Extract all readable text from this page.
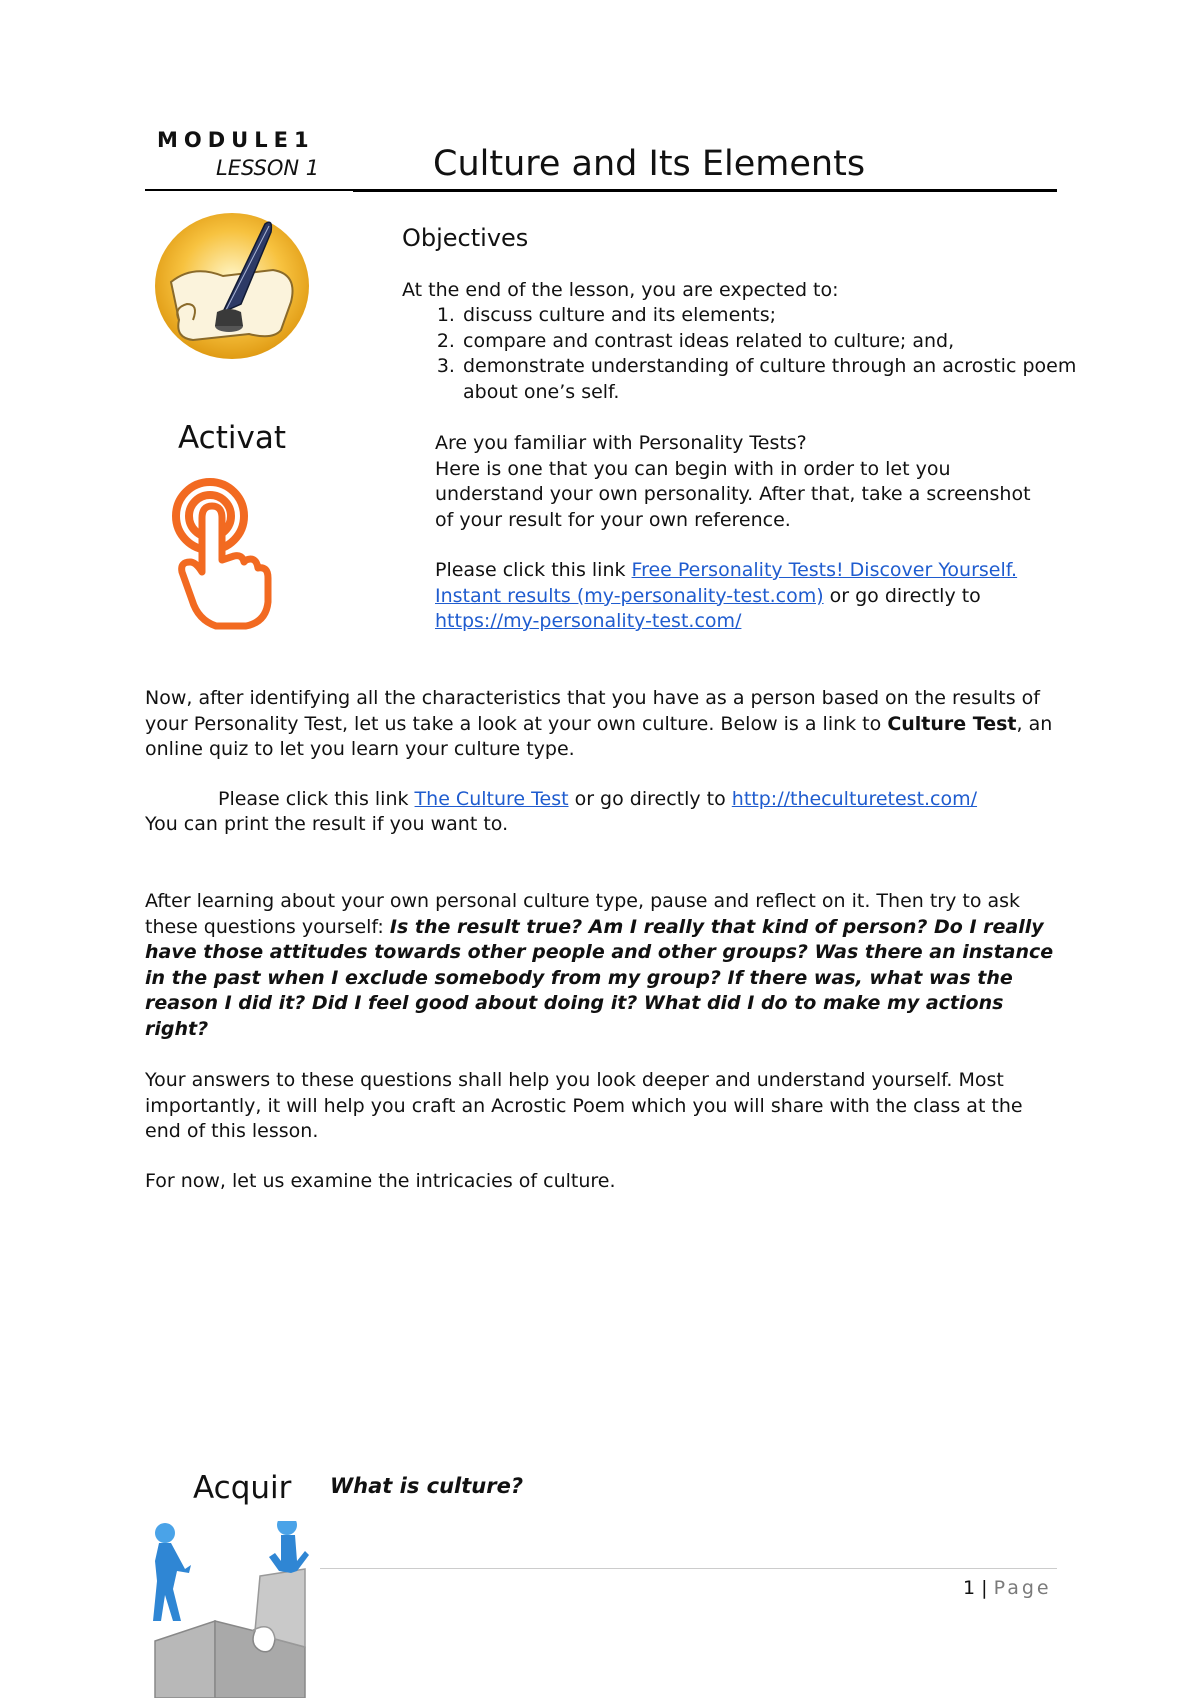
MODULE1
LESSON 1	Culture and Its Elements
Activat
Objectives
At the end of the lesson, you are expected to:
1. discuss culture and its elements;
2. compare and contrast ideas related to culture; and,
3. demonstrate understanding of culture through an acrostic poem about one’s self.
Are you familiar with Personality Tests?
Here is one that you can begin with in order to let you understand your own personality. After that, take a screenshot of your result for your own reference.
Please click this link Free Personality Tests! Discover Yourself. Instant results (my-personality-test.com) or go directly to https://my-personality-test.com/
Now, after identifying all the characteristics that you have as a person based on the results of your Personality Test, let us take a look at your own culture. Below is a link to Culture Test, an online quiz to let you learn your culture type.
Please click this link The Culture Test or go directly to http://theculturetest.com/
You can print the result if you want to.
After learning about your own personal culture type, pause and reflect on it. Then try to ask these questions yourself: Is the result true? Am I really that kind of person? Do I really have those attitudes towards other people and other groups? Was there an instance in the past when I exclude somebody from my group? If there was, what was the reason I did it? Did I feel good about doing it? What did I do to make my actions right?
Your answers to these questions shall help you look deeper and understand yourself. Most importantly, it will help you craft an Acrostic Poem which you will share with the class at the end of this lesson.
For now, let us examine the intricacies of culture.
Acquir What is culture?
1 | Page
